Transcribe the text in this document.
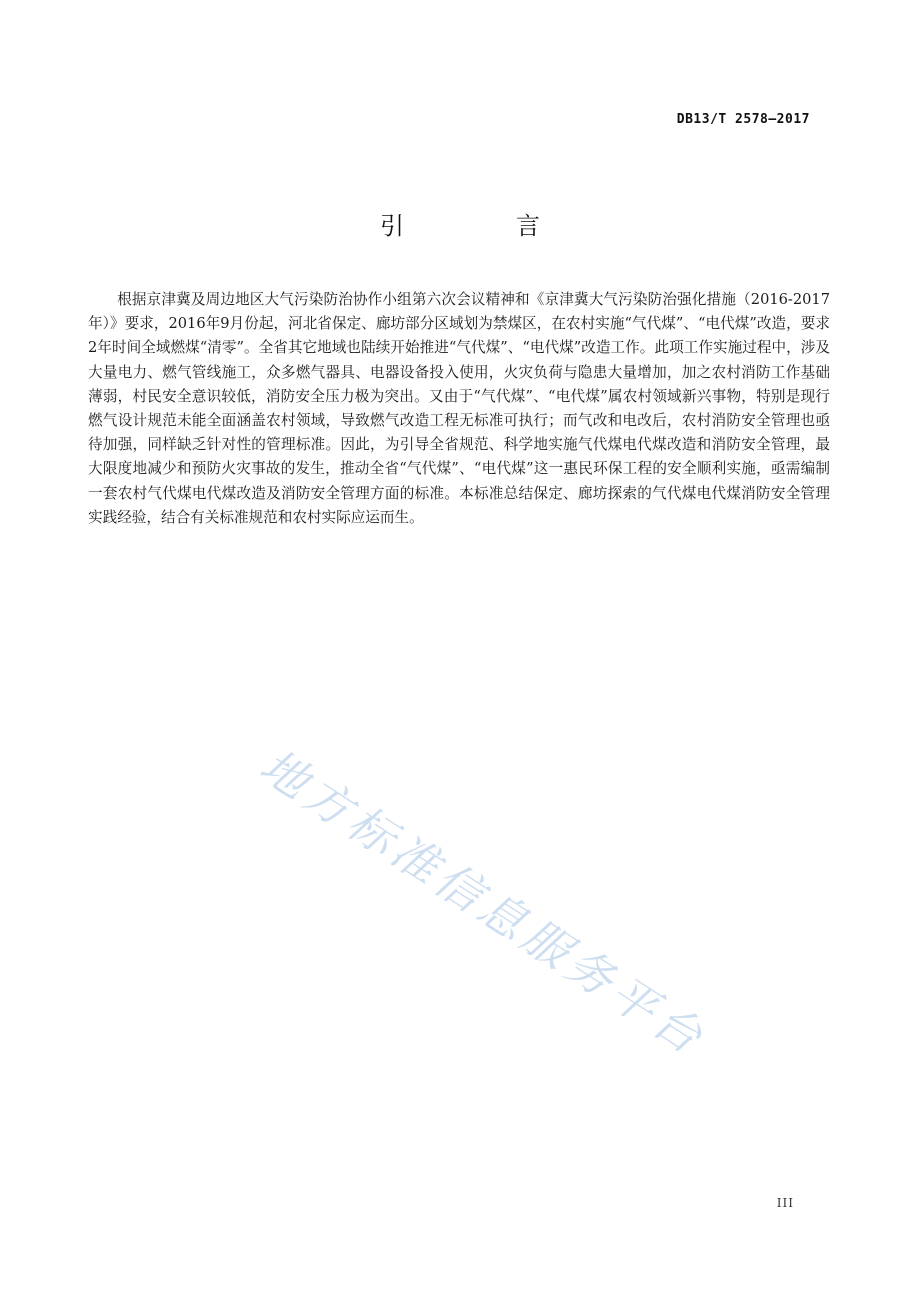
DB13/T 2578—2017
引　言

根据京津冀及周边地区大气污染防治协作小组第六次会议精神和《京津冀大气污染防治强化措施（2016-2017年）》要求，2016年9月份起，河北省保定、廊坊部分区域划为禁煤区，在农村实施“气代煤”、“电代煤”改造，要求2年时间全域燃煤“清零”。全省其它地域也陆续开始推进“气代煤”、“电代煤”改造工作。此项工作实施过程中，涉及大量电力、燃气管线施工，众多燃气器具、电器设备投入使用，火灾负荷与隐患大量增加，加之农村消防工作基础薄弱，村民安全意识较低，消防安全压力极为突出。又由于“气代煤”、“电代煤”属农村领域新兴事物，特别是现行燃气设计规范未能全面涵盖农村领域，导致燃气改造工程无标准可执行；而气改和电改后，农村消防安全管理也亟待加强，同样缺乏针对性的管理标准。因此，为引导全省规范、科学地实施气代煤电代煤改造和消防安全管理，最大限度地减少和预防火灾事故的发生，推动全省“气代煤”、“电代煤”这一惠民环保工程的安全顺利实施，亟需编制一套农村气代煤电代煤改造及消防安全管理方面的标准。本标准总结保定、廊坊探索的气代煤电代煤消防安全管理实践经验，结合有关标准规范和农村实际应运而生。

地方标准信息服务平台
III
